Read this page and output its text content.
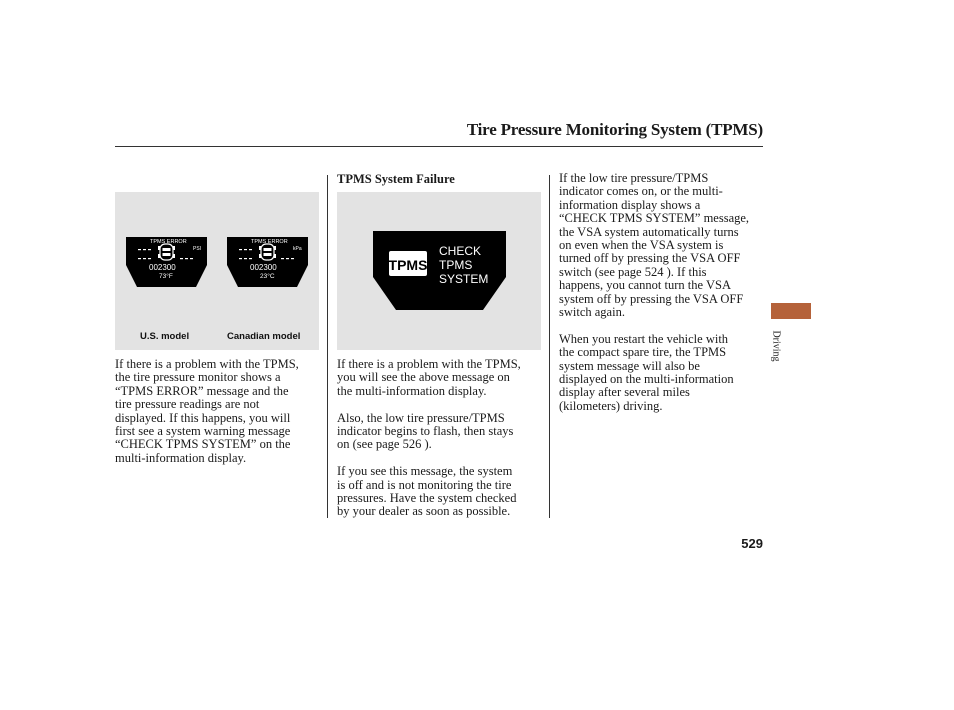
Tire Pressure Monitoring System (TPMS)
TPMS ERROR
PSI
002300
73°F
TPMS ERROR
kPa
002300
23°C
U.S. model	Canadian model

If there is a problem with the TPMS,
the tire pressure monitor shows a
“TPMS ERROR” message and the
tire pressure readings are not
displayed. If this happens, you will
first see a system warning message
“CHECK TPMS SYSTEM” on the
multi-information display.

TPMS System Failure
TPMS
CHECK
TPMS
SYSTEM

If there is a problem with the TPMS,
you will see the above message on
the multi-information display.

Also, the low tire pressure/TPMS
indicator begins to flash, then stays
on (see page 526 ).

If you see this message, the system
is off and is not monitoring the tire
pressures. Have the system checked
by your dealer as soon as possible.

If the low tire pressure/TPMS
indicator comes on, or the multi-
information display shows a
“CHECK TPMS SYSTEM” message,
the VSA system automatically turns
on even when the VSA system is
turned off by pressing the VSA OFF
switch (see page 524 ). If this
happens, you cannot turn the VSA
system off by pressing the VSA OFF
switch again.

When you restart the vehicle with
the compact spare tire, the TPMS
system message will also be
displayed on the multi-information
display after several miles
(kilometers) driving.

Driving
529
